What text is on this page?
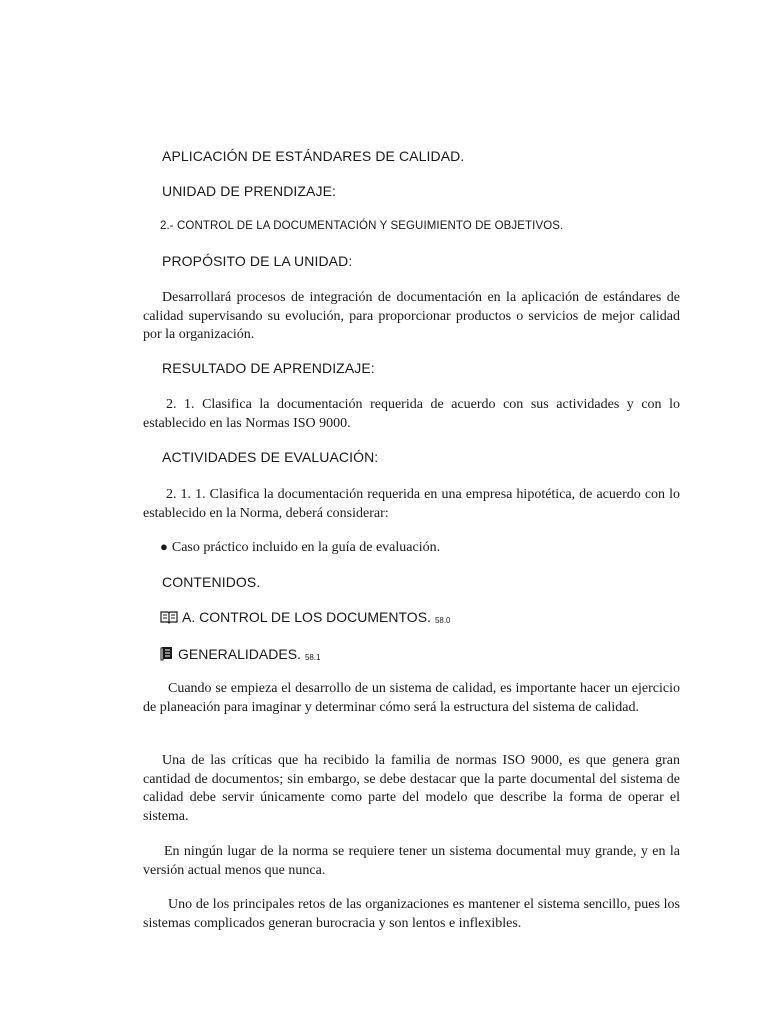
APLICACIÓN DE ESTÁNDARES DE CALIDAD.
UNIDAD DE PRENDIZAJE:
2.- CONTROL DE LA DOCUMENTACIÓN Y SEGUIMIENTO DE OBJETIVOS.
PROPÓSITO DE LA UNIDAD:

Desarrollará procesos de integración de documentación en la aplicación de estándares de calidad supervisando su evolución, para proporcionar productos o servicios de mejor calidad por la organización.

RESULTADO DE APRENDIZAJE:

2. 1. Clasifica la documentación requerida de acuerdo con sus actividades y con lo establecido en las Normas ISO 9000.

ACTIVIDADES DE EVALUACIÓN:

2. 1. 1. Clasifica la documentación requerida en una empresa hipotética, de acuerdo con lo establecido en la Norma, deberá considerar:

● Caso práctico incluido en la guía de evaluación.
CONTENIDOS.
A. CONTROL DE LOS DOCUMENTOS. 58.0
GENERALIDADES. 58.1

Cuando se empieza el desarrollo de un sistema de calidad, es importante hacer un ejercicio de planeación para imaginar y determinar cómo será la estructura del sistema de calidad.

Una de las críticas que ha recibido la familia de normas ISO 9000, es que genera gran cantidad de documentos; sin embargo, se debe destacar que la parte documental del sistema de calidad debe servir únicamente como parte del modelo que describe la forma de operar el sistema.

En ningún lugar de la norma se requiere tener un sistema documental muy grande, y en la versión actual menos que nunca.

Uno de los principales retos de las organizaciones es mantener el sistema sencillo, pues los sistemas complicados generan burocracia y son lentos e inflexibles.
